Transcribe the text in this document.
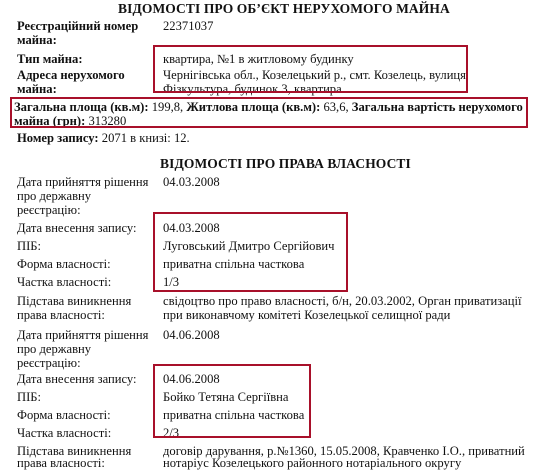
ВІДОМОСТІ ПРО ОБ’ЄКТ НЕРУХОМОГО МАЙНА
Реєстраційний номер
майна:
22371037
Тип майна:	квартира, №1 в житловому будинку
Адреса нерухомого
майна:
Чернігівська обл., Козелецький р., смт. Козелець, вулиця
Фізкультура, будинок 3, квартира
Загальна площа (кв.м): 199,8, Житлова площа (кв.м): 63,6, Загальна вартість нерухомого
майна (грн): 313280
Номер запису: 2071 в книзі: 12.
ВІДОМОСТІ ПРО ПРАВА ВЛАСНОСТІ
Дата прийняття рішення
про державну
реєстрацію:
04.03.2008
Дата внесення запису: 04.03.2008
ПІБ:	Луговський Дмитро Сергійович
Форма власності:	приватна спільна часткова
Частка власності:	1/3
Підстава виникнення
права власності:
свідоцтво про право власності, б/н, 20.03.2002, Орган приватизації
при виконавчому комітеті Козелецької селищної ради
Дата прийняття рішення
про державну
реєстрацію:
04.06.2008
Дата внесення запису: 04.06.2008
ПІБ:	Бойко Тетяна Сергіївна
Форма власності:	приватна спільна часткова
Частка власності:	2/3
Підстава виникнення
права власності:
договір дарування, р.№1360, 15.05.2008, Кравченко І.О., приватний
нотаріус Козелецького районного нотаріального округу
